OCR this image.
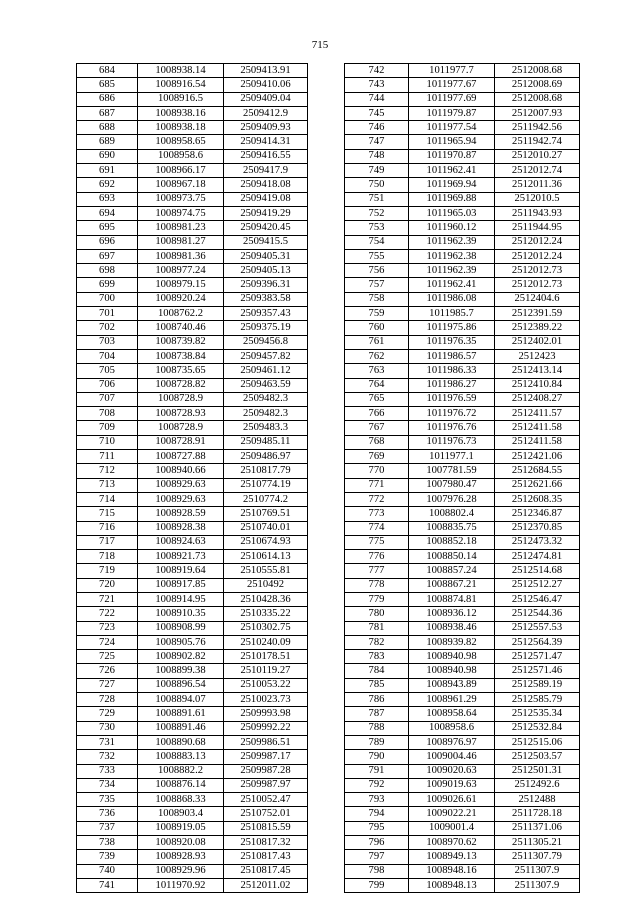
715
684	1008938.14	2509413.91
685	1008916.54	2509410.06
686	1008916.5	2509409.04
687	1008938.16	2509412.9
688	1008938.18	2509409.93
689	1008958.65	2509414.31
690	1008958.6	2509416.55
691	1008966.17	2509417.9
692	1008967.18	2509418.08
693	1008973.75	2509419.08
694	1008974.75	2509419.29
695	1008981.23	2509420.45
696	1008981.27	2509415.5
697	1008981.36	2509405.31
698	1008977.24	2509405.13
699	1008979.15	2509396.31
700	1008920.24	2509383.58
701	1008762.2	2509357.43
702	1008740.46	2509375.19
703	1008739.82	2509456.8
704	1008738.84	2509457.82
705	1008735.65	2509461.12
706	1008728.82	2509463.59
707	1008728.9	2509482.3
708	1008728.93	2509482.3
709	1008728.9	2509483.3
710	1008728.91	2509485.11
711	1008727.88	2509486.97
712	1008940.66	2510817.79
713	1008929.63	2510774.19
714	1008929.63	2510774.2
715	1008928.59	2510769.51
716	1008928.38	2510740.01
717	1008924.63	2510674.93
718	1008921.73	2510614.13
719	1008919.64	2510555.81
720	1008917.85	2510492
721	1008914.95	2510428.36
722	1008910.35	2510335.22
723	1008908.99	2510302.75
724	1008905.76	2510240.09
725	1008902.82	2510178.51
726	1008899.38	2510119.27
727	1008896.54	2510053.22
728	1008894.07	2510023.73
729	1008891.61	2509993.98
730	1008891.46	2509992.22
731	1008890.68	2509986.51
732	1008883.13	2509987.17
733	1008882.2	2509987.28
734	1008876.14	2509987.97
735	1008868.33	2510052.47
736	1008903.4	2510752.01
737	1008919.05	2510815.59
738	1008920.08	2510817.32
739	1008928.93	2510817.43
740	1008929.96	2510817.45
741	1011970.92	2512011.02
742	1011977.7	2512008.68
743	1011977.67	2512008.69
744	1011977.69	2512008.68
745	1011979.87	2512007.93
746	1011977.54	2511942.56
747	1011965.94	2511942.74
748	1011970.87	2512010.27
749	1011962.41	2512012.74
750	1011969.94	2512011.36
751	1011969.88	2512010.5
752	1011965.03	2511943.93
753	1011960.12	2511944.95
754	1011962.39	2512012.24
755	1011962.38	2512012.24
756	1011962.39	2512012.73
757	1011962.41	2512012.73
758	1011986.08	2512404.6
759	1011985.7	2512391.59
760	1011975.86	2512389.22
761	1011976.35	2512402.01
762	1011986.57	2512423
763	1011986.33	2512413.14
764	1011986.27	2512410.84
765	1011976.59	2512408.27
766	1011976.72	2512411.57
767	1011976.76	2512411.58
768	1011976.73	2512411.58
769	1011977.1	2512421.06
770	1007781.59	2512684.55
771	1007980.47	2512621.66
772	1007976.28	2512608.35
773	1008802.4	2512346.87
774	1008835.75	2512370.85
775	1008852.18	2512473.32
776	1008850.14	2512474.81
777	1008857.24	2512514.68
778	1008867.21	2512512.27
779	1008874.81	2512546.47
780	1008936.12	2512544.36
781	1008938.46	2512557.53
782	1008939.82	2512564.39
783	1008940.98	2512571.47
784	1008940.98	2512571.46
785	1008943.89	2512589.19
786	1008961.29	2512585.79
787	1008958.64	2512535.34
788	1008958.6	2512532.84
789	1008976.97	2512515.06
790	1009004.46	2512503.57
791	1009020.63	2512501.31
792	1009019.63	2512492.6
793	1009026.61	2512488
794	1009022.21	2511728.18
795	1009001.4	2511371.06
796	1008970.62	2511305.21
797	1008949.13	2511307.79
798	1008948.16	2511307.9
799	1008948.13	2511307.9
